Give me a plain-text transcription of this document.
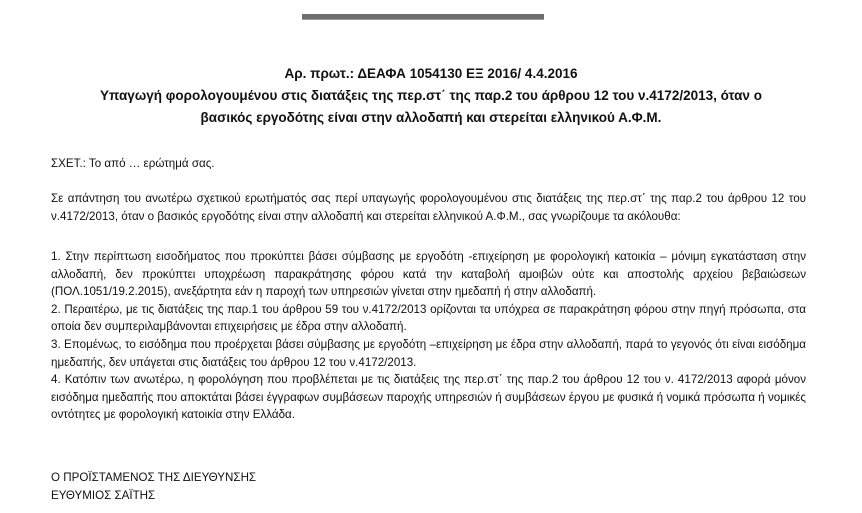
Αρ. πρωτ.: ΔΕΑΦΑ 1054130 ΕΞ 2016/ 4.4.2016

Υπαγωγή φορολογουμένου στις διατάξεις της περ.στ΄ της παρ.2 του άρθρου 12 του ν.4172/2013, όταν ο
βασικός εργοδότης είναι στην αλλοδαπή και στερείται ελληνικού Α.Φ.Μ.

ΣΧΕΤ.: Το από … ερώτημά σας.

Σε απάντηση του ανωτέρω σχετικού ερωτήματός σας περί υπαγωγής φορολογουμένου στις διατάξεις της περ.στ΄ της παρ.2 του άρθρου 12 του ν.4172/2013, όταν ο βασικός εργοδότης είναι στην αλλοδαπή και στερείται ελληνικού Α.Φ.Μ., σας γνωρίζουμε τα ακόλουθα:

1. Στην περίπτωση εισοδήματος που προκύπτει βάσει σύμβασης με εργοδότη -επιχείρηση με φορολογική κατοικία – μόνιμη εγκατάσταση στην αλλοδαπή, δεν προκύπτει υποχρέωση παρακράτησης φόρου κατά την καταβολή αμοιβών ούτε και αποστολής αρχείου βεβαιώσεων (ΠΟΛ.1051/19.2.2015), ανεξάρτητα εάν η παροχή των υπηρεσιών γίνεται στην ημεδαπή ή στην αλλοδαπή.

2. Περαιτέρω, με τις διατάξεις της παρ.1 του άρθρου 59 του ν.4172/2013 ορίζονται τα υπόχρεα σε παρακράτηση φόρου στην πηγή πρόσωπα, στα οποία δεν συμπεριλαμβάνονται επιχειρήσεις με έδρα στην αλλοδαπή.

3. Επομένως, το εισόδημα που προέρχεται βάσει σύμβασης με εργοδότη –επιχείρηση με έδρα στην αλλοδαπή, παρά το γεγονός ότι είναι εισόδημα ημεδαπής, δεν υπάγεται στις διατάξεις του άρθρου 12 του ν.4172/2013.

4. Κατόπιν των ανωτέρω, η φορολόγηση που προβλέπεται με τις διατάξεις της περ.στ΄ της παρ.2 του άρθρου 12 του ν. 4172/2013 αφορά μόνον εισόδημα ημεδαπής που αποκτάται βάσει έγγραφων συμβάσεων παροχής υπηρεσιών ή συμβάσεων έργου με φυσικά ή νομικά πρόσωπα ή νομικές οντότητες με φορολογική κατοικία στην Ελλάδα.

Ο ΠΡΟΪΣΤΑΜΕΝΟΣ ΤΗΣ ΔΙΕΥΘΥΝΣΗΣ
ΕΥΘΥΜΙΟΣ ΣΑΪΤΗΣ
